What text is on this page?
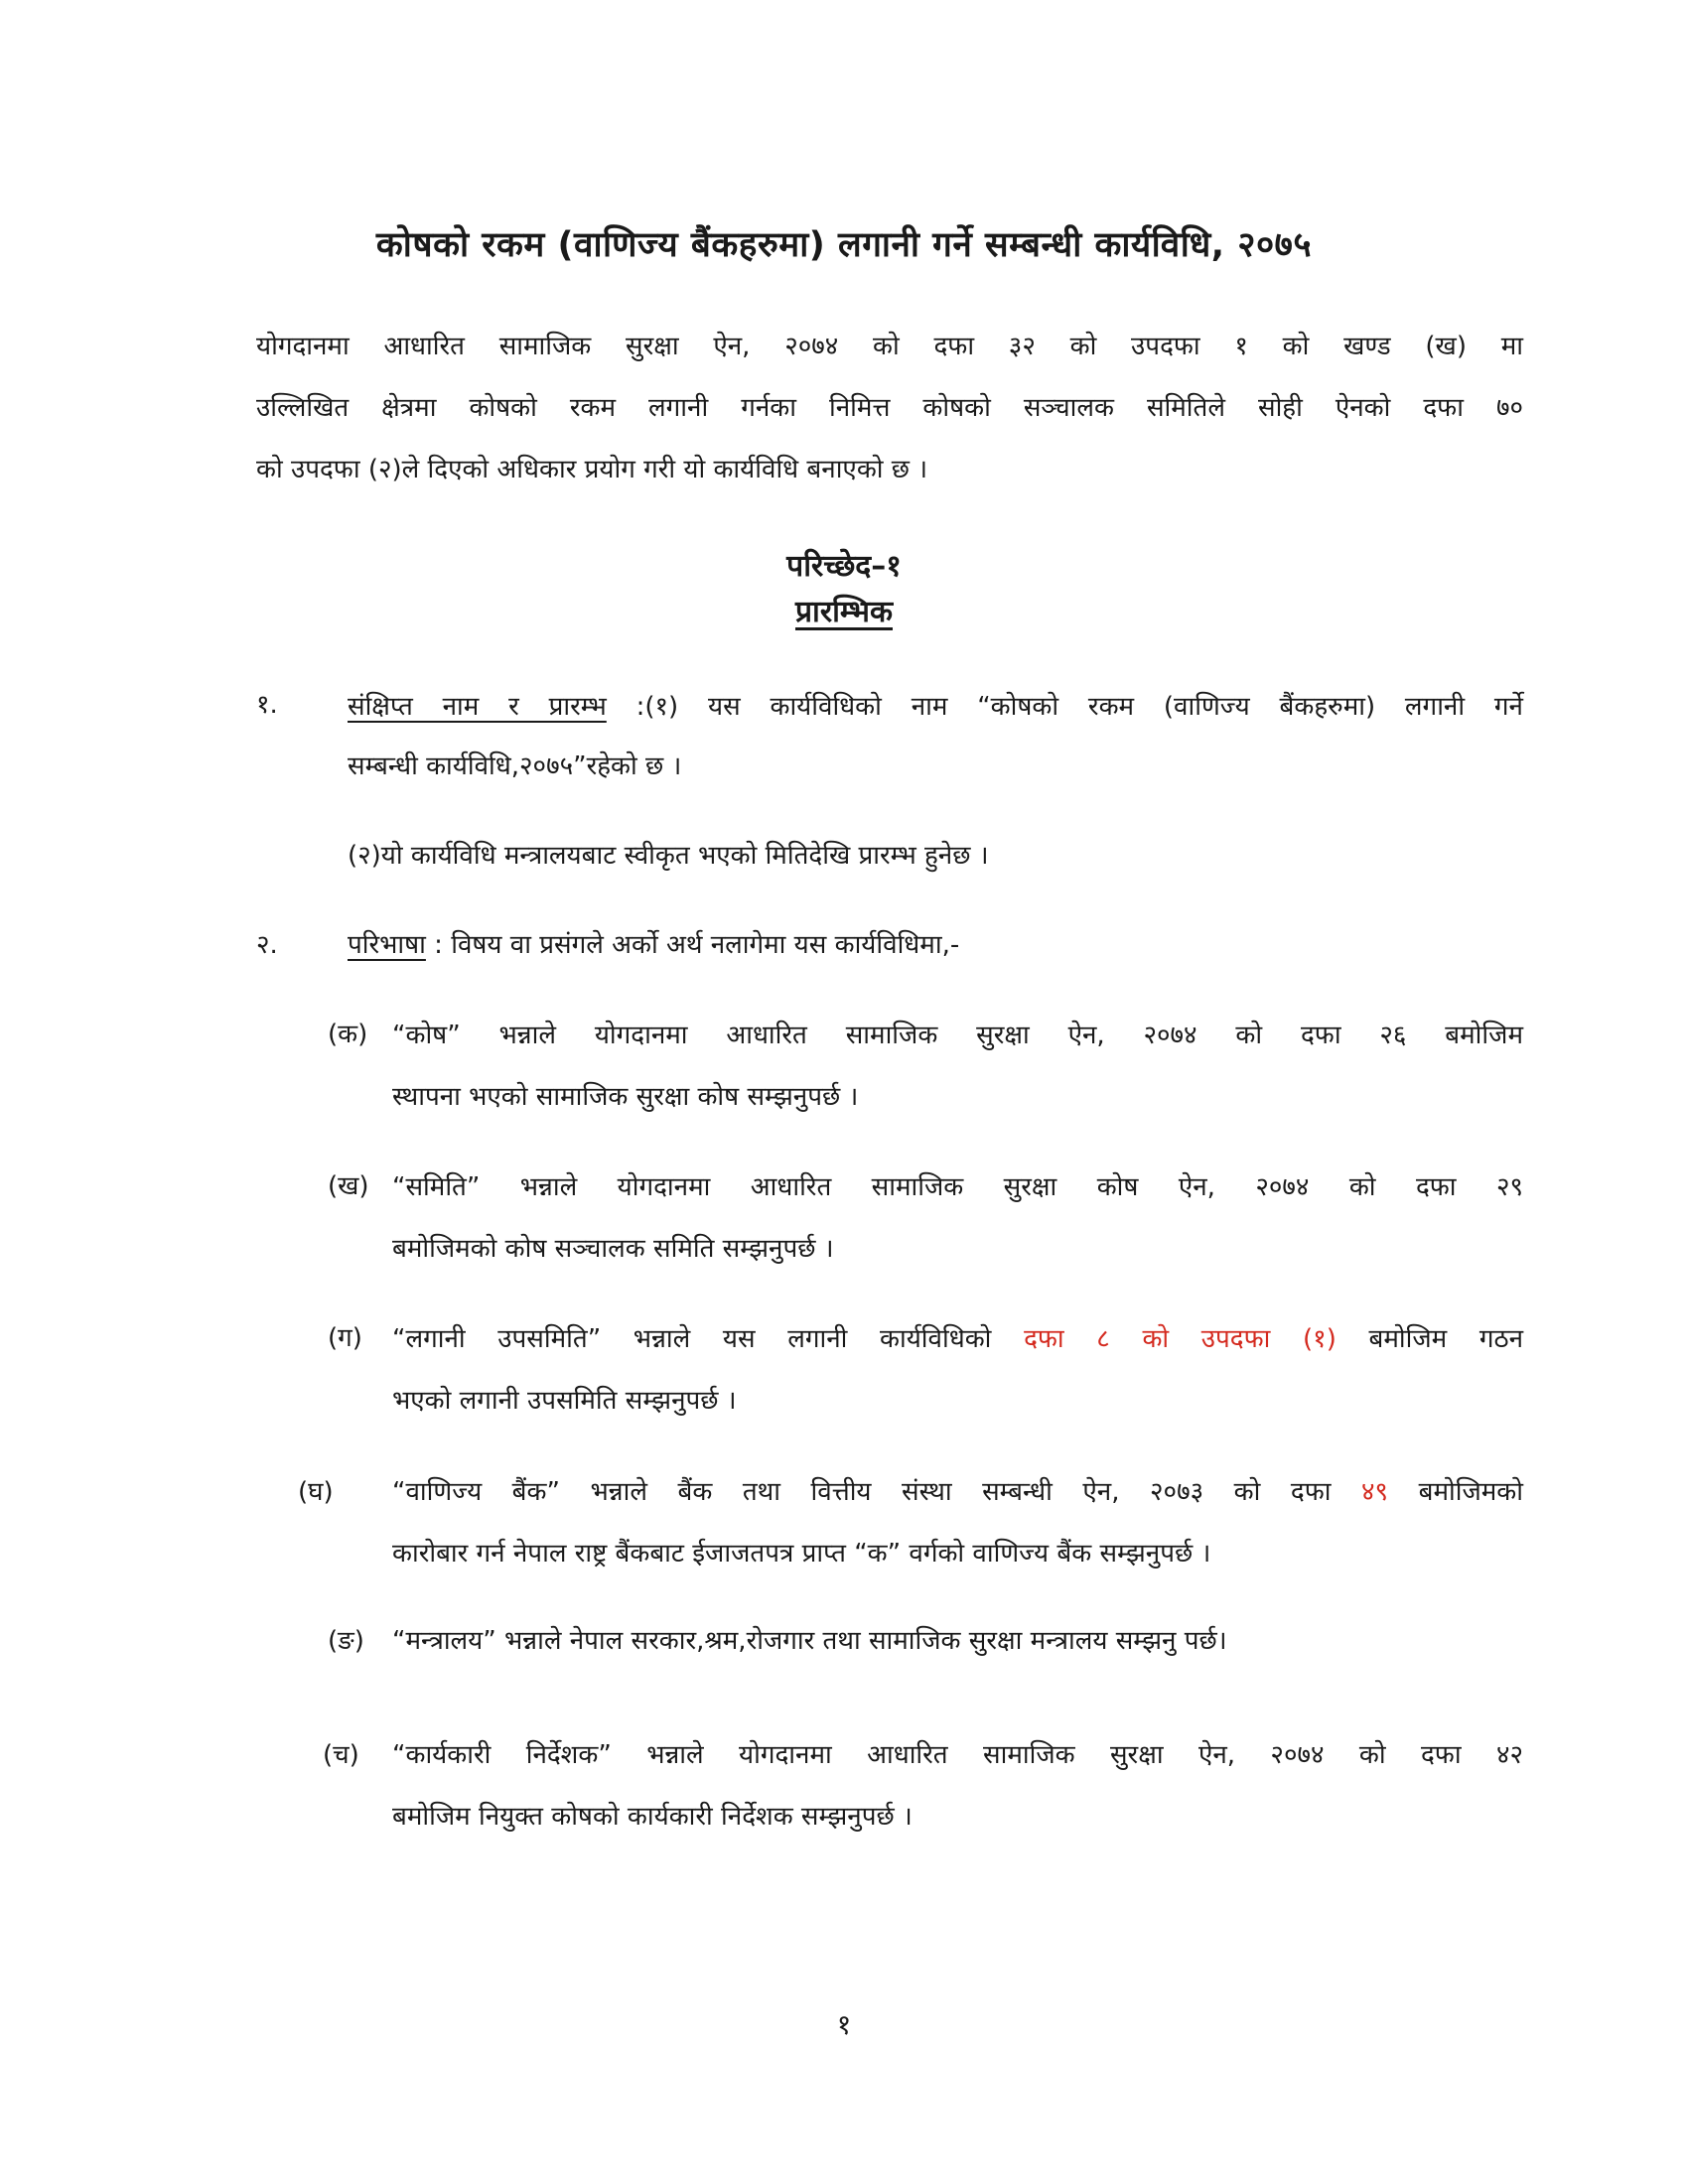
कोषको रकम (वाणिज्य बैंकहरुमा) लगानी गर्ने सम्बन्धी कार्यविधि, २०७५
योगदानमा आधारित सामाजिक सुरक्षा ऐन, २०७४ को दफा ३२ को उपदफा १ को खण्ड (ख) मा
उल्लिखित क्षेत्रमा कोषको रकम लगानी गर्नका निमित्त कोषको सञ्चालक समितिले सोही ऐनको दफा ७०
को उपदफा (२)ले दिएको अधिकार प्रयोग गरी यो कार्यविधि बनाएको छ ।
परिच्छेद–१
प्रारम्भिक
१.	संक्षिप्त नाम र प्रारम्भ :(१) यस कार्यविधिको नाम “कोषको रकम (वाणिज्य बैंकहरुमा) लगानी गर्ने
सम्बन्धी कार्यविधि,२०७५”रहेको छ ।
(२)यो कार्यविधि मन्त्रालयबाट स्वीकृत भएको मितिदेखि प्रारम्भ हुनेछ ।
२.	परिभाषा : विषय वा प्रसंगले अर्को अर्थ नलागेमा यस कार्यविधिमा,-
(क) “कोष” भन्नाले योगदानमा आधारित सामाजिक सुरक्षा ऐन, २०७४ को दफा २६ बमोजिम
स्थापना भएको सामाजिक सुरक्षा कोष सम्झनुपर्छ ।
(ख) “समिति” भन्नाले योगदानमा आधारित सामाजिक सुरक्षा कोष ऐन, २०७४ को दफा २९
बमोजिमको कोष सञ्चालक समिति सम्झनुपर्छ ।
(ग) “लगानी उपसमिति” भन्नाले यस लगानी कार्यविधिको दफा ८ को उपदफा (१) बमोजिम गठन
भएको लगानी उपसमिति सम्झनुपर्छ ।
(घ) “वाणिज्य बैंक” भन्नाले बैंक तथा वित्तीय संस्था सम्बन्धी ऐन, २०७३ को दफा ४९ बमोजिमको
कारोबार गर्न नेपाल राष्ट्र बैंकबाट ईजाजतपत्र प्राप्त “क” वर्गको वाणिज्य बैंक सम्झनुपर्छ ।
(ङ) “मन्त्रालय” भन्नाले नेपाल सरकार,श्रम,रोजगार तथा सामाजिक सुरक्षा मन्त्रालय सम्झनु पर्छ।
(च) “कार्यकारी निर्देशक” भन्नाले योगदानमा आधारित सामाजिक सुरक्षा ऐन, २०७४ को दफा ४२
बमोजिम नियुक्त कोषको कार्यकारी निर्देशक सम्झनुपर्छ ।
१
